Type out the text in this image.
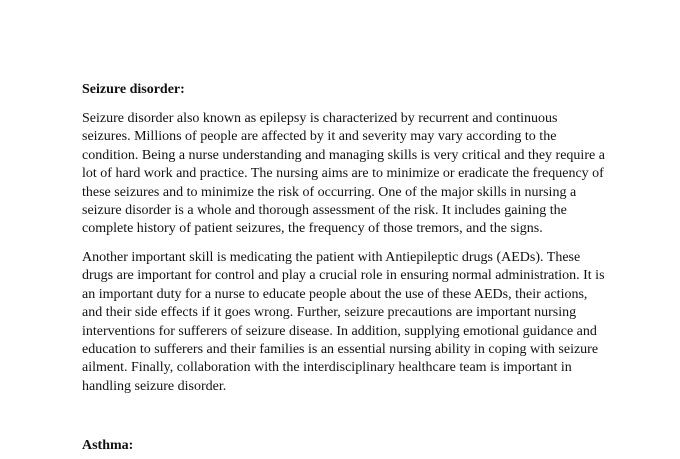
Seizure disorder:

Seizure disorder also known as epilepsy is characterized by recurrent and continuous
seizures. Millions of people are affected by it and severity may vary according to the
condition. Being a nurse understanding and managing skills is very critical and they require a
lot of hard work and practice. The nursing aims are to minimize or eradicate the frequency of
these seizures and to minimize the risk of occurring. One of the major skills in nursing a
seizure disorder is a whole and thorough assessment of the risk. It includes gaining the
complete history of patient seizures, the frequency of those tremors, and the signs.

Another important skill is medicating the patient with Antiepileptic drugs (AEDs). These
drugs are important for control and play a crucial role in ensuring normal administration. It is
an important duty for a nurse to educate people about the use of these AEDs, their actions,
and their side effects if it goes wrong. Further, seizure precautions are important nursing
interventions for sufferers of seizure disease. In addition, supplying emotional guidance and
education to sufferers and their families is an essential nursing ability in coping with seizure
ailment. Finally, collaboration with the interdisciplinary healthcare team is important in
handling seizure disorder.

Asthma:
